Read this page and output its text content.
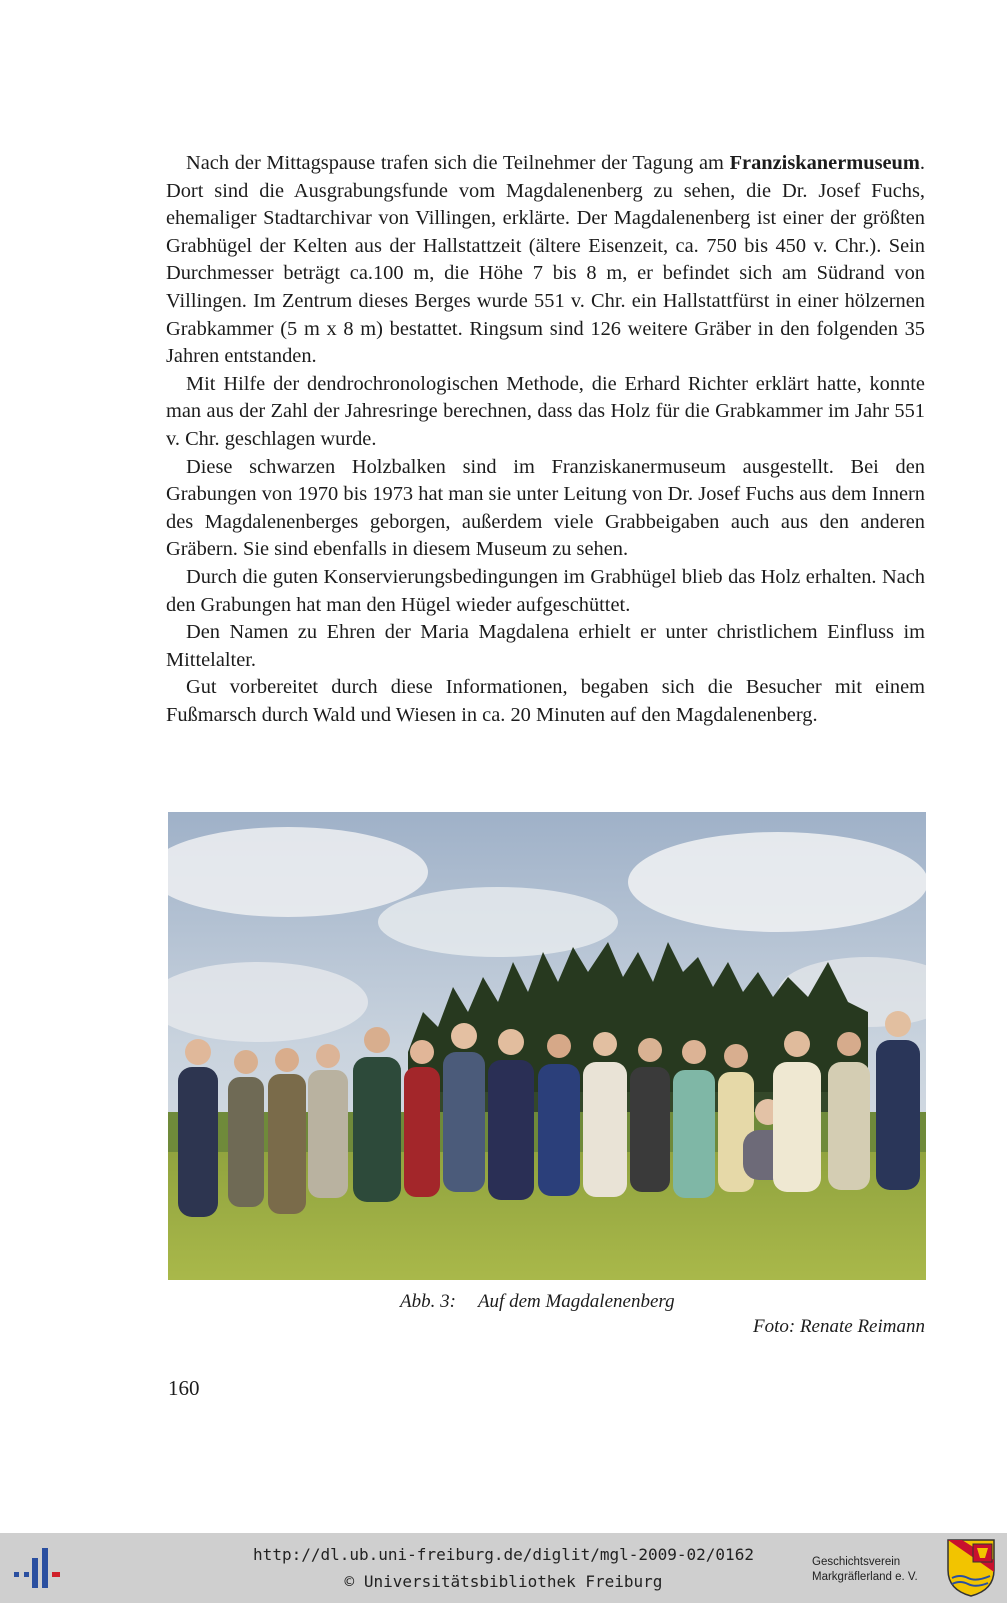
Nach der Mittagspause trafen sich die Teilnehmer der Tagung am Franziskanermuseum. Dort sind die Ausgrabungsfunde vom Magdalenenberg zu sehen, die Dr. Josef Fuchs, ehemaliger Stadtarchivar von Villingen, erklärte. Der Magdalenenberg ist einer der größten Grabhügel der Kelten aus der Hallstattzeit (ältere Eisenzeit, ca. 750 bis 450 v. Chr.). Sein Durchmesser beträgt ca.100 m, die Höhe 7 bis 8 m, er befindet sich am Südrand von Villingen. Im Zentrum dieses Berges wurde 551 v. Chr. ein Hallstattfürst in einer hölzernen Grabkammer (5 m x 8 m) bestattet. Ringsum sind 126 weitere Gräber in den folgenden 35 Jahren entstanden.

Mit Hilfe der dendrochronologischen Methode, die Erhard Richter erklärt hatte, konnte man aus der Zahl der Jahresringe berechnen, dass das Holz für die Grabkammer im Jahr 551 v. Chr. geschlagen wurde.

Diese schwarzen Holzbalken sind im Franziskanermuseum ausgestellt. Bei den Grabungen von 1970 bis 1973 hat man sie unter Leitung von Dr. Josef Fuchs aus dem Innern des Magdalenenberges geborgen, außerdem viele Grabbeigaben auch aus den anderen Gräbern. Sie sind ebenfalls in diesem Museum zu sehen.

Durch die guten Konservierungsbedingungen im Grabhügel blieb das Holz erhalten. Nach den Grabungen hat man den Hügel wieder aufgeschüttet.

Den Namen zu Ehren der Maria Magdalena erhielt er unter christlichem Einfluss im Mittelalter.

Gut vorbereitet durch diese Informationen, begaben sich die Besucher mit einem Fußmarsch durch Wald und Wiesen in ca. 20 Minuten auf den Magdalenenberg.

Abb. 3: Auf dem Magdalenenberg
Foto: Renate Reimann
160
http://dl.ub.uni-freiburg.de/diglit/mgl-2009-02/0162
© Universitätsbibliothek Freiburg
Geschichtsverein
Markgräflerland e. V.
